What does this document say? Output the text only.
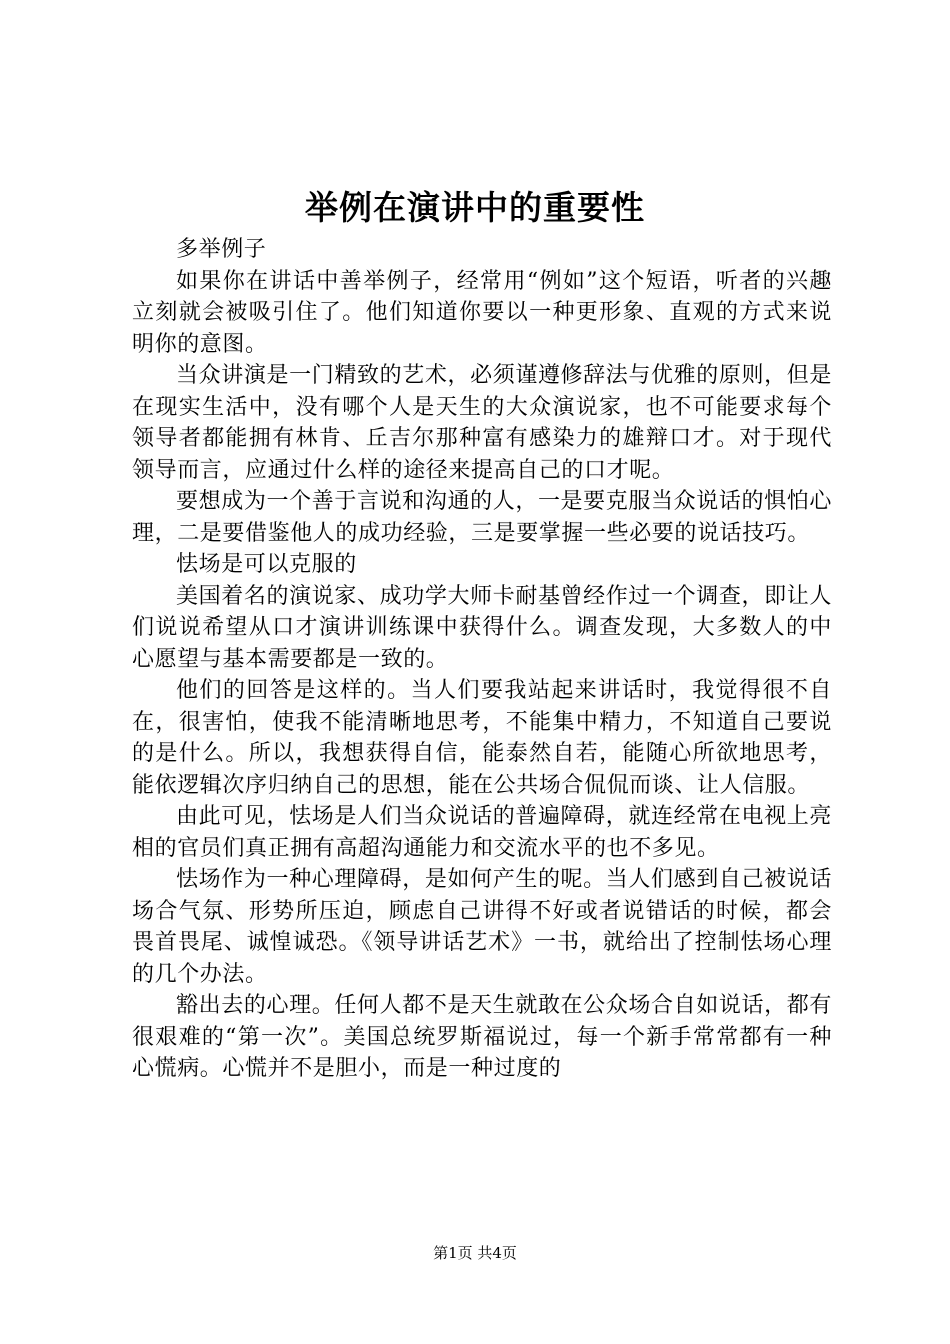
举例在演讲中的重要性

多举例子

如果你在讲话中善举例子，经常用“例如”这个短语，听者的兴趣立刻就会被吸引住了。他们知道你要以一种更形象、直观的方式来说明你的意图。

当众讲演是一门精致的艺术，必须谨遵修辞法与优雅的原则，但是在现实生活中，没有哪个人是天生的大众演说家，也不可能要求每个领导者都能拥有林肯、丘吉尔那种富有感染力的雄辩口才。对于现代领导而言，应通过什么样的途径来提高自己的口才呢。

要想成为一个善于言说和沟通的人，一是要克服当众说话的惧怕心理，二是要借鉴他人的成功经验，三是要掌握一些必要的说话技巧。

怯场是可以克服的

美国着名的演说家、成功学大师卡耐基曾经作过一个调查，即让人们说说希望从口才演讲训练课中获得什么。调查发现，大多数人的中心愿望与基本需要都是一致的。

他们的回答是这样的。当人们要我站起来讲话时，我觉得很不自在，很害怕，使我不能清晰地思考，不能集中精力，不知道自己要说的是什么。所以，我想获得自信，能泰然自若，能随心所欲地思考，能依逻辑次序归纳自己的思想，能在公共场合侃侃而谈、让人信服。

由此可见，怯场是人们当众说话的普遍障碍，就连经常在电视上亮相的官员们真正拥有高超沟通能力和交流水平的也不多见。

怯场作为一种心理障碍，是如何产生的呢。当人们感到自己被说话场合气氛、形势所压迫，顾虑自己讲得不好或者说错话的时候，都会畏首畏尾、诚惶诚恐。《领导讲话艺术》一书，就给出了控制怯场心理的几个办法。

豁出去的心理。任何人都不是天生就敢在公众场合自如说话，都有很艰难的“第一次”。美国总统罗斯福说过，每一个新手常常都有一种心慌病。心慌并不是胆小，而是一种过度的

第1页 共4页
